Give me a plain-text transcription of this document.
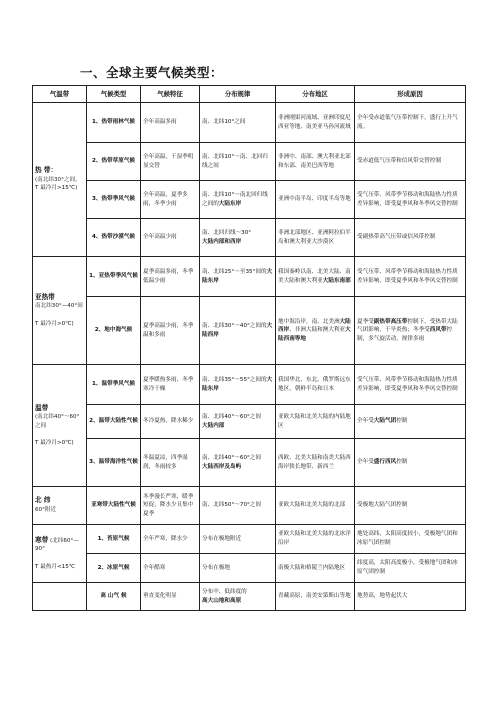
一、全球主要气候类型：
气温带	气候类型	气候特征	分布规律	分布地区	形成原因
热 带：
(南北纬30°之间，
T 最冷月>15℃)	1、热带雨林气候	全年高温多雨	南、北纬10°之间	非洲刚果河流域、亚洲印度尼西亚等地、南美亚马孙河流域	全年受赤道低气压带控制下，盛行上升气流。
	2、热带草原气候	全年高温，干湿季明显交替	南、北纬10°～南、北回归线之间	非洲中、南部、澳大利亚北部和东部、南美巴西等地	受赤道低气压带和信风带交替控制
	3、热带季风气候	全年高温，夏季多雨，冬季少雨	南、北纬10°～南北回归线之间的大陆东岸	亚洲中南半岛、印度半岛等地	受气压带、风带季节移动和海陆热力性质差异影响，即受夏季风和冬季风交替控制
	4、热带沙漠气候	全年高温少雨	南、北回归线～30°
大陆内部和西岸	非洲北部地区、亚洲阿拉伯半岛和澳大利亚大沙漠区	受副热带高气压带或信风带控制
亚热带
南北纬30°—40°间

T 最冷月>0℃)	1、亚热带季风气候	夏季高温多雨，冬季低温少雨	南、北纬25°～至35°间的大陆东岸	我国秦岭以南、北美大陆、南美大陆和澳大利亚大陆东南部	受气压带、风带季节移动和海陆热力性质差异影响，即受夏季风和冬季风交替控制
	2、地中海气候	夏季高温少雨，冬季温和多雨	南、北纬30°～40°之间的大陆西岸	地中海沿岸，南、北美洲大陆西岸、非洲大陆和澳大利亚大陆西南等地	夏季受副热带高压带控制下，受热带大陆气团影响，干旱炎热；冬季受西风带控制，多气旋活动，规律多雨
温带
(南北纬40°～60°之间

T 最冷月>0℃)	1、温带季风气候	夏季暖热多雨，冬季寒冷干燥	南、北纬35°～55°之间的大陆东岸	我国华北、东北，俄罗斯远东地区，朝鲜半岛和日本	受气压带、风带季节移动和海陆热力性质差异影响，即受夏季风和冬季风交替控制
	2、温带大陆性气候	冬冷夏热，降水稀少	南、北纬40°～60°之间
大陆内部	亚欧大陆和北美大陆的内陆地区	全年受大陆气团控制
	3、温带海洋性气候	冬温夏凉，四季湿润，冬雨较多	南、北纬40°～60°之间
大陆西岸及岛屿	西欧、北美大陆和南美大陆西海岸狭长地带、新西兰	全年受盛行西风控制
北 纬
60°附近	亚寒带大陆性气候	冬季漫长严寒，暖季短促，降水少且集中夏季	南、北纬50°～70°之间	亚欧大陆和北美大陆的北部	受极地大陆气团控制
寒带 (北纬60°—90°

T 最热月<15℃	1、苔原气候	全年严寒，降水少	分布在极地附近	亚欧大陆和北美大陆的北冰洋沿岸	地处高纬，太阳高度较小，受极地气团和冰原气团控制
	2、冰原气候	全年酷寒	分布在极地	南极大陆和格陵兰内陆地区	纬度高，太阳高度极小，受极地气团和冰原气团控制
	高 山气 候	垂直变化明显	分布中、低纬度的
高大山地和高原	青藏高原，南美安第斯山等地	地势高，地势起伏大
